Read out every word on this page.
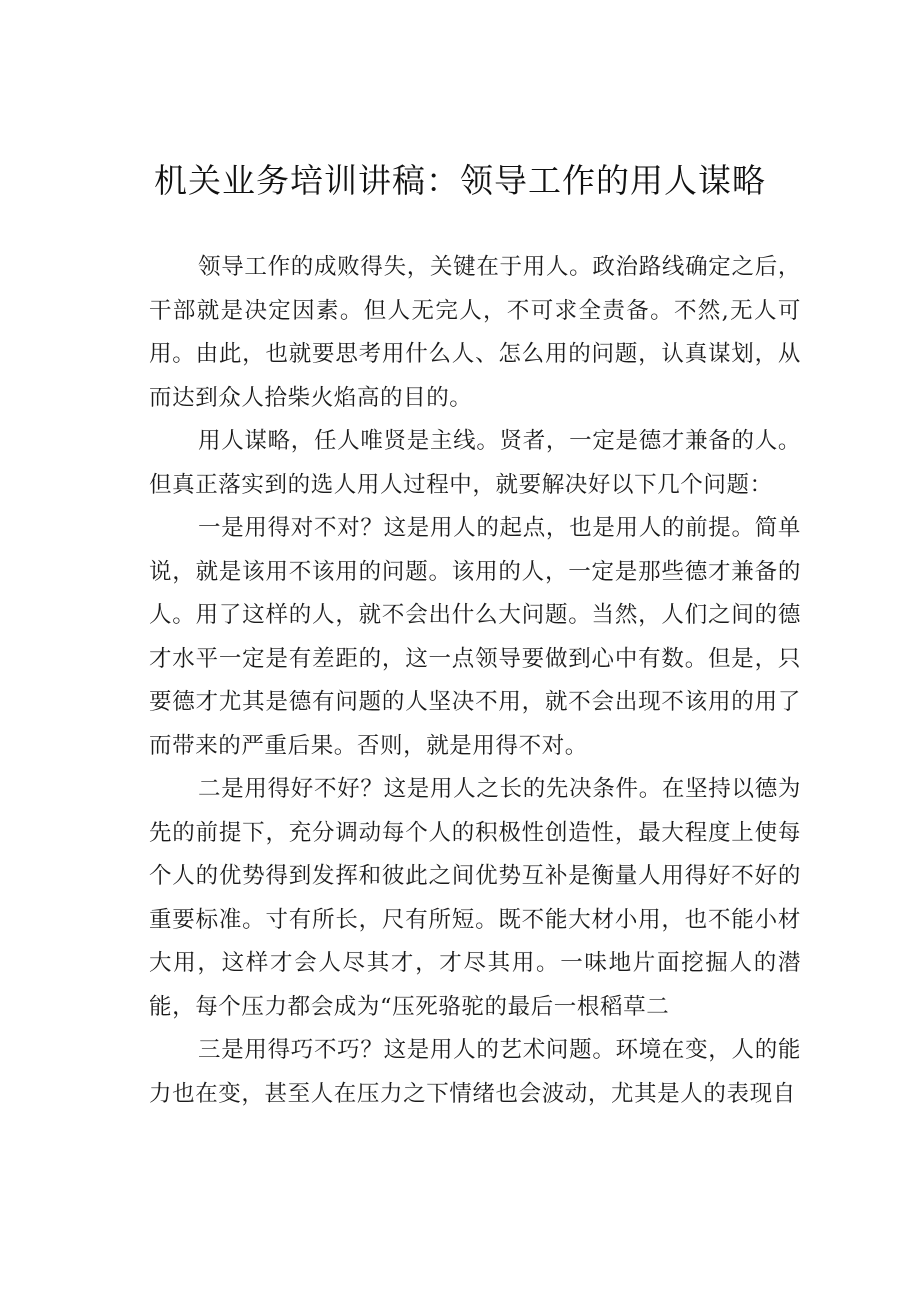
机关业务培训讲稿：领导工作的用人谋略

领导工作的成败得失，关键在于用人。政治路线确定之后，干部就是决定因素。但人无完人，不可求全责备。不然,无人可用。由此，也就要思考用什么人、怎么用的问题，认真谋划，从而达到众人拾柴火焰高的目的。

用人谋略，任人唯贤是主线。贤者，一定是德才兼备的人。但真正落实到的选人用人过程中，就要解决好以下几个问题：

一是用得对不对？这是用人的起点，也是用人的前提。简单说，就是该用不该用的问题。该用的人，一定是那些德才兼备的人。用了这样的人，就不会出什么大问题。当然，人们之间的德才水平一定是有差距的，这一点领导要做到心中有数。但是，只要德才尤其是德有问题的人坚决不用，就不会出现不该用的用了而带来的严重后果。否则，就是用得不对。

二是用得好不好？这是用人之长的先决条件。在坚持以德为先的前提下，充分调动每个人的积极性创造性，最大程度上使每个人的优势得到发挥和彼此之间优势互补是衡量人用得好不好的重要标准。寸有所长，尺有所短。既不能大材小用，也不能小材大用，这样才会人尽其才，才尽其用。一味地片面挖掘人的潜能，每个压力都会成为“压死骆驼的最后一根稻草二

三是用得巧不巧？这是用人的艺术问题。环境在变，人的能力也在变，甚至人在压力之下情绪也会波动，尤其是人的表现自
